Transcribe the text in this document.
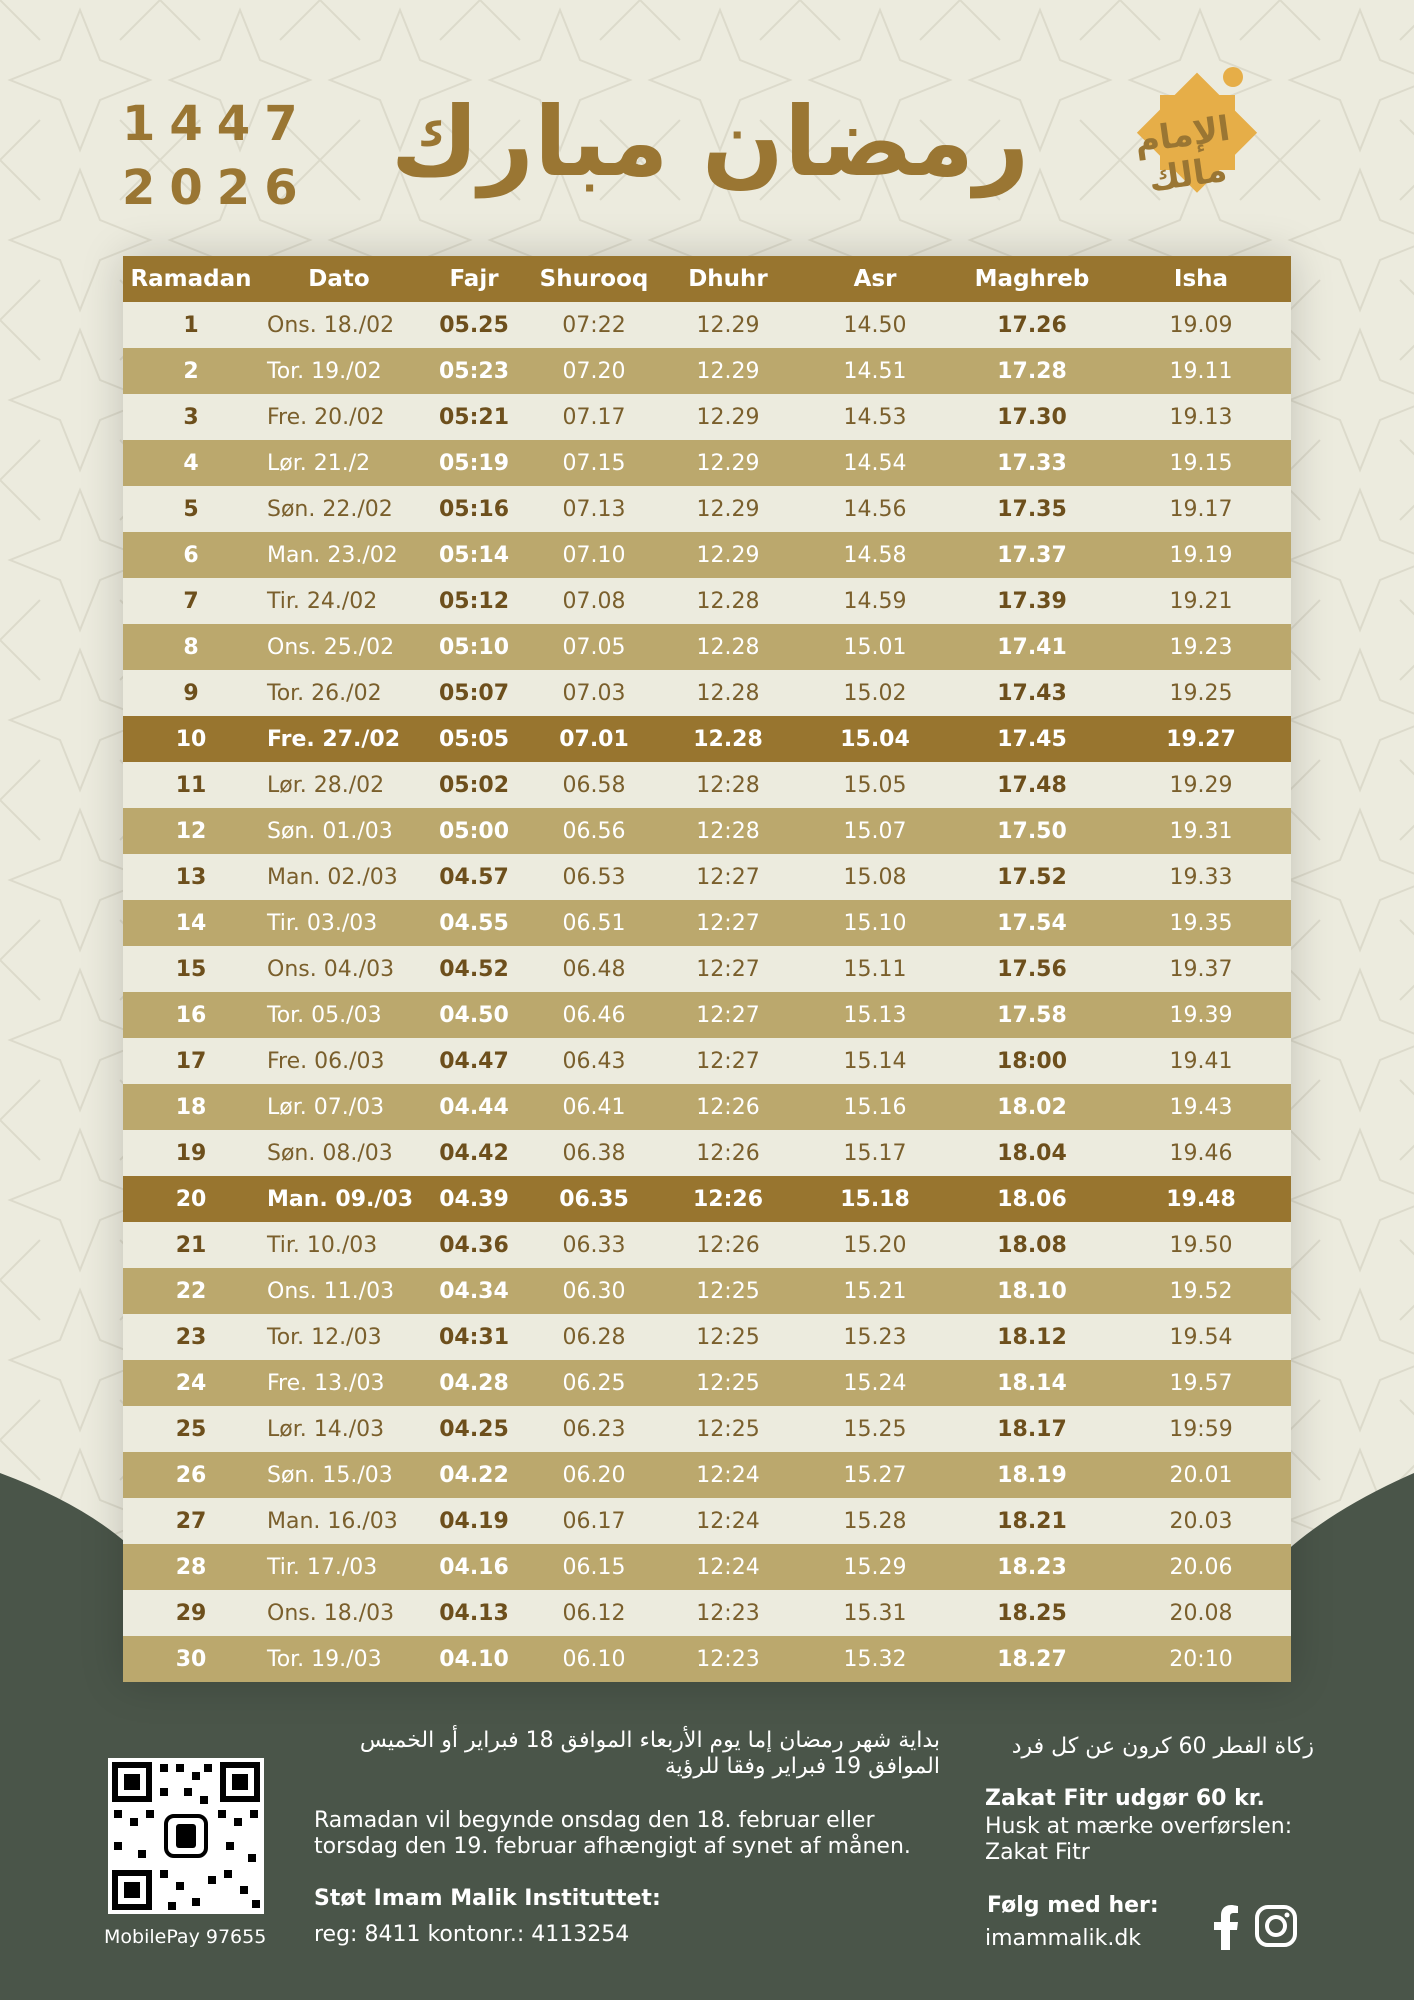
1447
2026 رمضان مبارك	الإمام مالك
Ramadan	Dato	Fajr	Shurooq	Dhuhr	Asr	Maghreb	Isha
1	Ons. 18./02	05.25	07:22	12.29	14.50	17.26	19.09
2	Tor. 19./02	05:23	07.20	12.29	14.51	17.28	19.11
3	Fre. 20./02	05:21	07.17	12.29	14.53	17.30	19.13
4	Lør. 21./2	05:19	07.15	12.29	14.54	17.33	19.15
5	Søn. 22./02	05:16	07.13	12.29	14.56	17.35	19.17
6	Man. 23./02	05:14	07.10	12.29	14.58	17.37	19.19
7	Tir. 24./02	05:12	07.08	12.28	14.59	17.39	19.21
8	Ons. 25./02	05:10	07.05	12.28	15.01	17.41	19.23
9	Tor. 26./02	05:07	07.03	12.28	15.02	17.43	19.25
10	Fre. 27./02	05:05	07.01	12.28	15.04	17.45	19.27
11	Lør. 28./02	05:02	06.58	12:28	15.05	17.48	19.29
12	Søn. 01./03	05:00	06.56	12:28	15.07	17.50	19.31
13	Man. 02./03	04.57	06.53	12:27	15.08	17.52	19.33
14	Tir. 03./03	04.55	06.51	12:27	15.10	17.54	19.35
15	Ons. 04./03	04.52	06.48	12:27	15.11	17.56	19.37
16	Tor. 05./03	04.50	06.46	12:27	15.13	17.58	19.39
17	Fre. 06./03	04.47	06.43	12:27	15.14	18:00	19.41
18	Lør. 07./03	04.44	06.41	12:26	15.16	18.02	19.43
19	Søn. 08./03	04.42	06.38	12:26	15.17	18.04	19.46
20	Man. 09./03	04.39	06.35	12:26	15.18	18.06	19.48
21	Tir. 10./03	04.36	06.33	12:26	15.20	18.08	19.50
22	Ons. 11./03	04.34	06.30	12:25	15.21	18.10	19.52
23	Tor. 12./03	04:31	06.28	12:25	15.23	18.12	19.54
24	Fre. 13./03	04.28	06.25	12:25	15.24	18.14	19.57
25	Lør. 14./03	04.25	06.23	12:25	15.25	18.17	19:59
26	Søn. 15./03	04.22	06.20	12:24	15.27	18.19	20.01
27	Man. 16./03	04.19	06.17	12:24	15.28	18.21	20.03
28	Tir. 17./03	04.16	06.15	12:24	15.29	18.23	20.06
29	Ons. 18./03	04.13	06.12	12:23	15.31	18.25	20.08
30	Tor. 19./03	04.10	06.10	12:23	15.32	18.27	20:10
MobilePay 97655
بداية شهر رمضان إما يوم الأربعاء الموافق 18 فبراير أو الخميس الموافق 19 فبراير وفقا للرؤية
Ramadan vil begynde onsdag den 18. februar eller torsdag den 19. februar afhængigt af synet af månen.
Støt Imam Malik Instituttet:
reg: 8411 kontonr.: 4113254
زكاة الفطر 60 كرون عن كل فرد
Zakat Fitr udgør 60 kr.
Husk at mærke overførslen: Zakat Fitr
Følg med her:
imammalik.dk
